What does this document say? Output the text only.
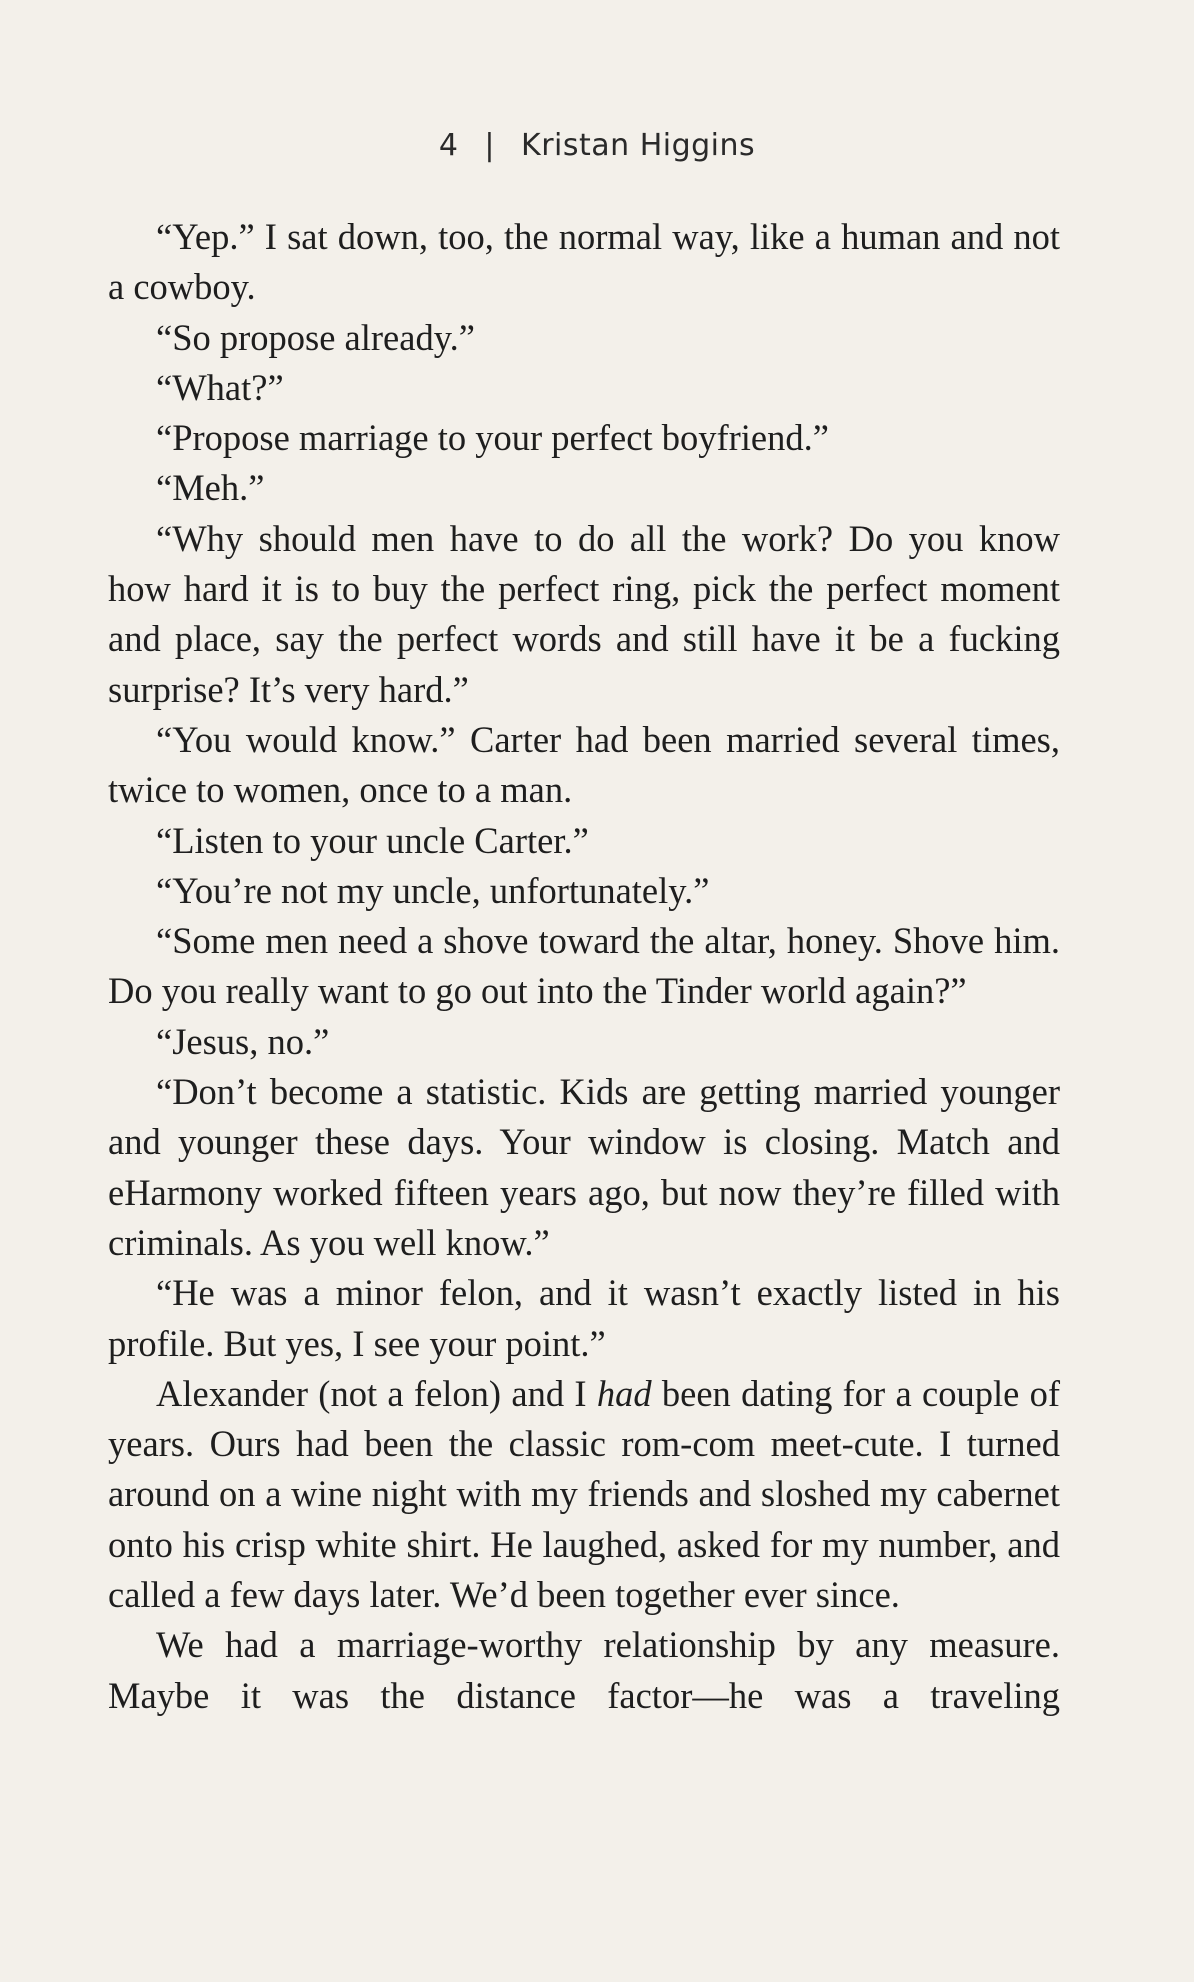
4 | Kristan Higgins

“Yep.” I sat down, too, the normal way, like a human and not a cowboy.

“So propose already.”

“What?”

“Propose marriage to your perfect boyfriend.”

“Meh.”

“Why should men have to do all the work? Do you know how hard it is to buy the perfect ring, pick the perfect moment and place, say the perfect words and still have it be a fucking surprise? It’s very hard.”

“You would know.” Carter had been married several times, twice to women, once to a man.

“Listen to your uncle Carter.”

“You’re not my uncle, unfortunately.”

“Some men need a shove toward the altar, honey. Shove him. Do you really want to go out into the Tinder world again?”

“Jesus, no.”

“Don’t become a statistic. Kids are getting married younger and younger these days. Your window is closing. Match and eHarmony worked fifteen years ago, but now they’re filled with criminals. As you well know.”

“He was a minor felon, and it wasn’t exactly listed in his profile. But yes, I see your point.”

Alexander (not a felon) and I had been dating for a couple of years. Ours had been the classic rom-com meet-cute. I turned around on a wine night with my friends and sloshed my cabernet onto his crisp white shirt. He laughed, asked for my number, and called a few days later. We’d been together ever since.

We had a marriage-worthy relationship by any measure. Maybe it was the distance factor—he was a traveling
